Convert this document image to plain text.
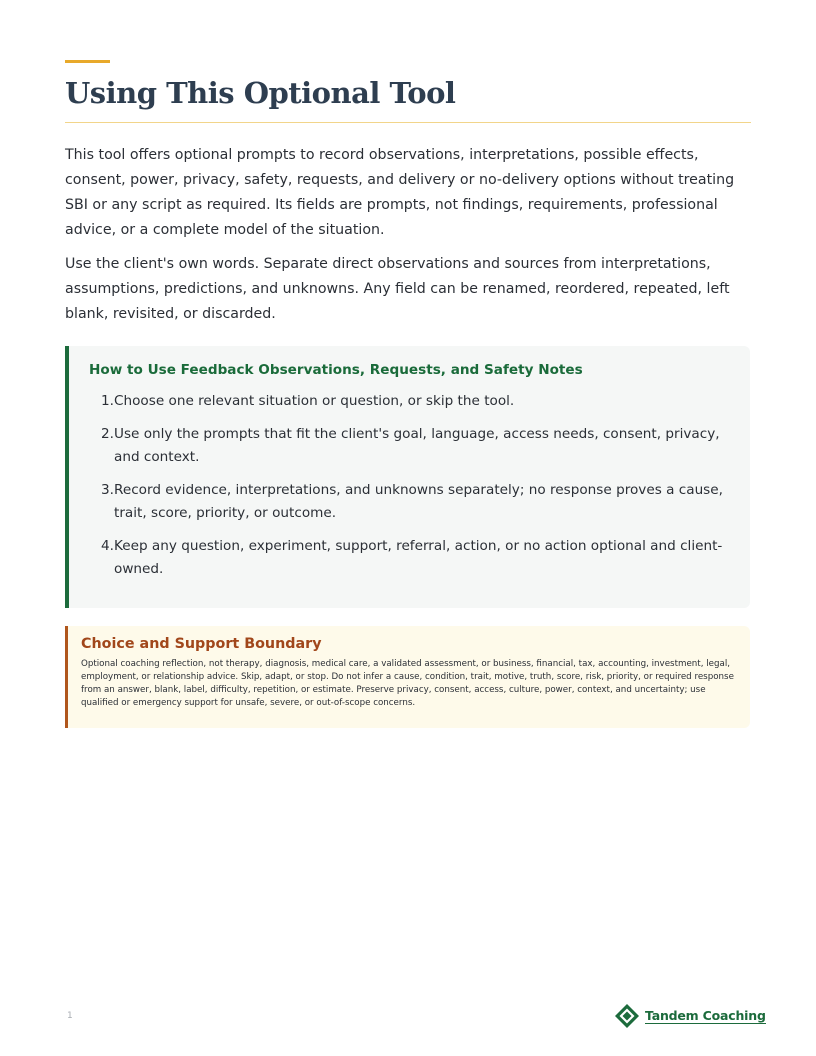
Using This Optional Tool

This tool offers optional prompts to record observations, interpretations, possible effects, consent, power, privacy, safety, requests, and delivery or no-delivery options without treating SBI or any script as required. Its fields are prompts, not findings, requirements, professional advice, or a complete model of the situation.

Use the client's own words. Separate direct observations and sources from interpretations, assumptions, predictions, and unknowns. Any field can be renamed, reordered, repeated, left blank, revisited, or discarded.

How to Use Feedback Observations, Requests, and Safety Notes
1. Choose one relevant situation or question, or skip the tool.
2. Use only the prompts that fit the client's goal, language, access needs, consent, privacy, and context.
3. Record evidence, interpretations, and unknowns separately; no response proves a cause, trait, score, priority, or outcome.
4. Keep any question, experiment, support, referral, action, or no action optional and client-owned.
Choice and Support Boundary

Optional coaching reflection, not therapy, diagnosis, medical care, a validated assessment, or business, financial, tax, accounting, investment, legal, employment, or relationship advice. Skip, adapt, or stop. Do not infer a cause, condition, trait, motive, truth, score, risk, priority, or required response from an answer, blank, label, difficulty, repetition, or estimate. Preserve privacy, consent, access, culture, power, context, and uncertainty; use qualified or emergency support for unsafe, severe, or out-of-scope concerns.

1	Tandem Coaching
